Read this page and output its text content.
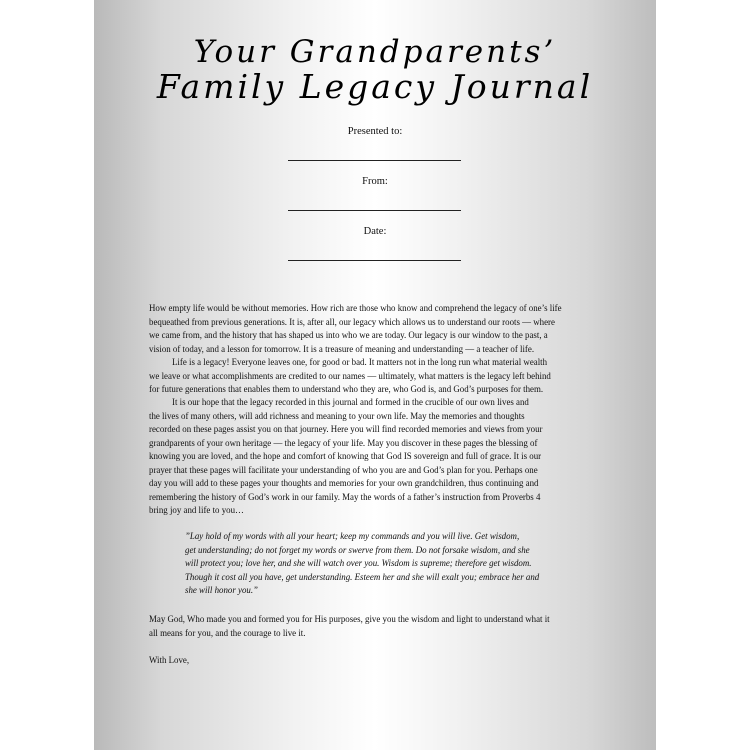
Your Grandparents’
Family Legacy Journal
Presented to:
From:
Date:
How empty life would be without memories. How rich are those who know and comprehend the legacy of one’s life
bequeathed from previous generations. It is, after all, our legacy which allows us to understand our roots — where
we came from, and the history that has shaped us into who we are today. Our legacy is our window to the past, a
vision of today, and a lesson for tomorrow. It is a treasure of meaning and understanding — a teacher of life.
Life is a legacy! Everyone leaves one, for good or bad. It matters not in the long run what material wealth
we leave or what accomplishments are credited to our names — ultimately, what matters is the legacy left behind
for future generations that enables them to understand who they are, who God is, and God’s purposes for them.
It is our hope that the legacy recorded in this journal and formed in the crucible of our own lives and
the lives of many others, will add richness and meaning to your own life. May the memories and thoughts
recorded on these pages assist you on that journey. Here you will find recorded memories and views from your
grandparents of your own heritage — the legacy of your life. May you discover in these pages the blessing of
knowing you are loved, and the hope and comfort of knowing that God IS sovereign and full of grace. It is our
prayer that these pages will facilitate your understanding of who you are and God’s plan for you. Perhaps one
day you will add to these pages your thoughts and memories for your own grandchildren, thus continuing and
remembering the history of God’s work in our family. May the words of a father’s instruction from Proverbs 4
bring joy and life to you…
”Lay hold of my words with all your heart; keep my commands and you will live. Get wisdom,
get understanding; do not forget my words or swerve from them. Do not forsake wisdom, and she
will protect you; love her, and she will watch over you. Wisdom is supreme; therefore get wisdom.
Though it cost all you have, get understanding. Esteem her and she will exalt you; embrace her and
she will honor you.”
May God, Who made you and formed you for His purposes, give you the wisdom and light to understand what it
all means for you, and the courage to live it.
With Love,
